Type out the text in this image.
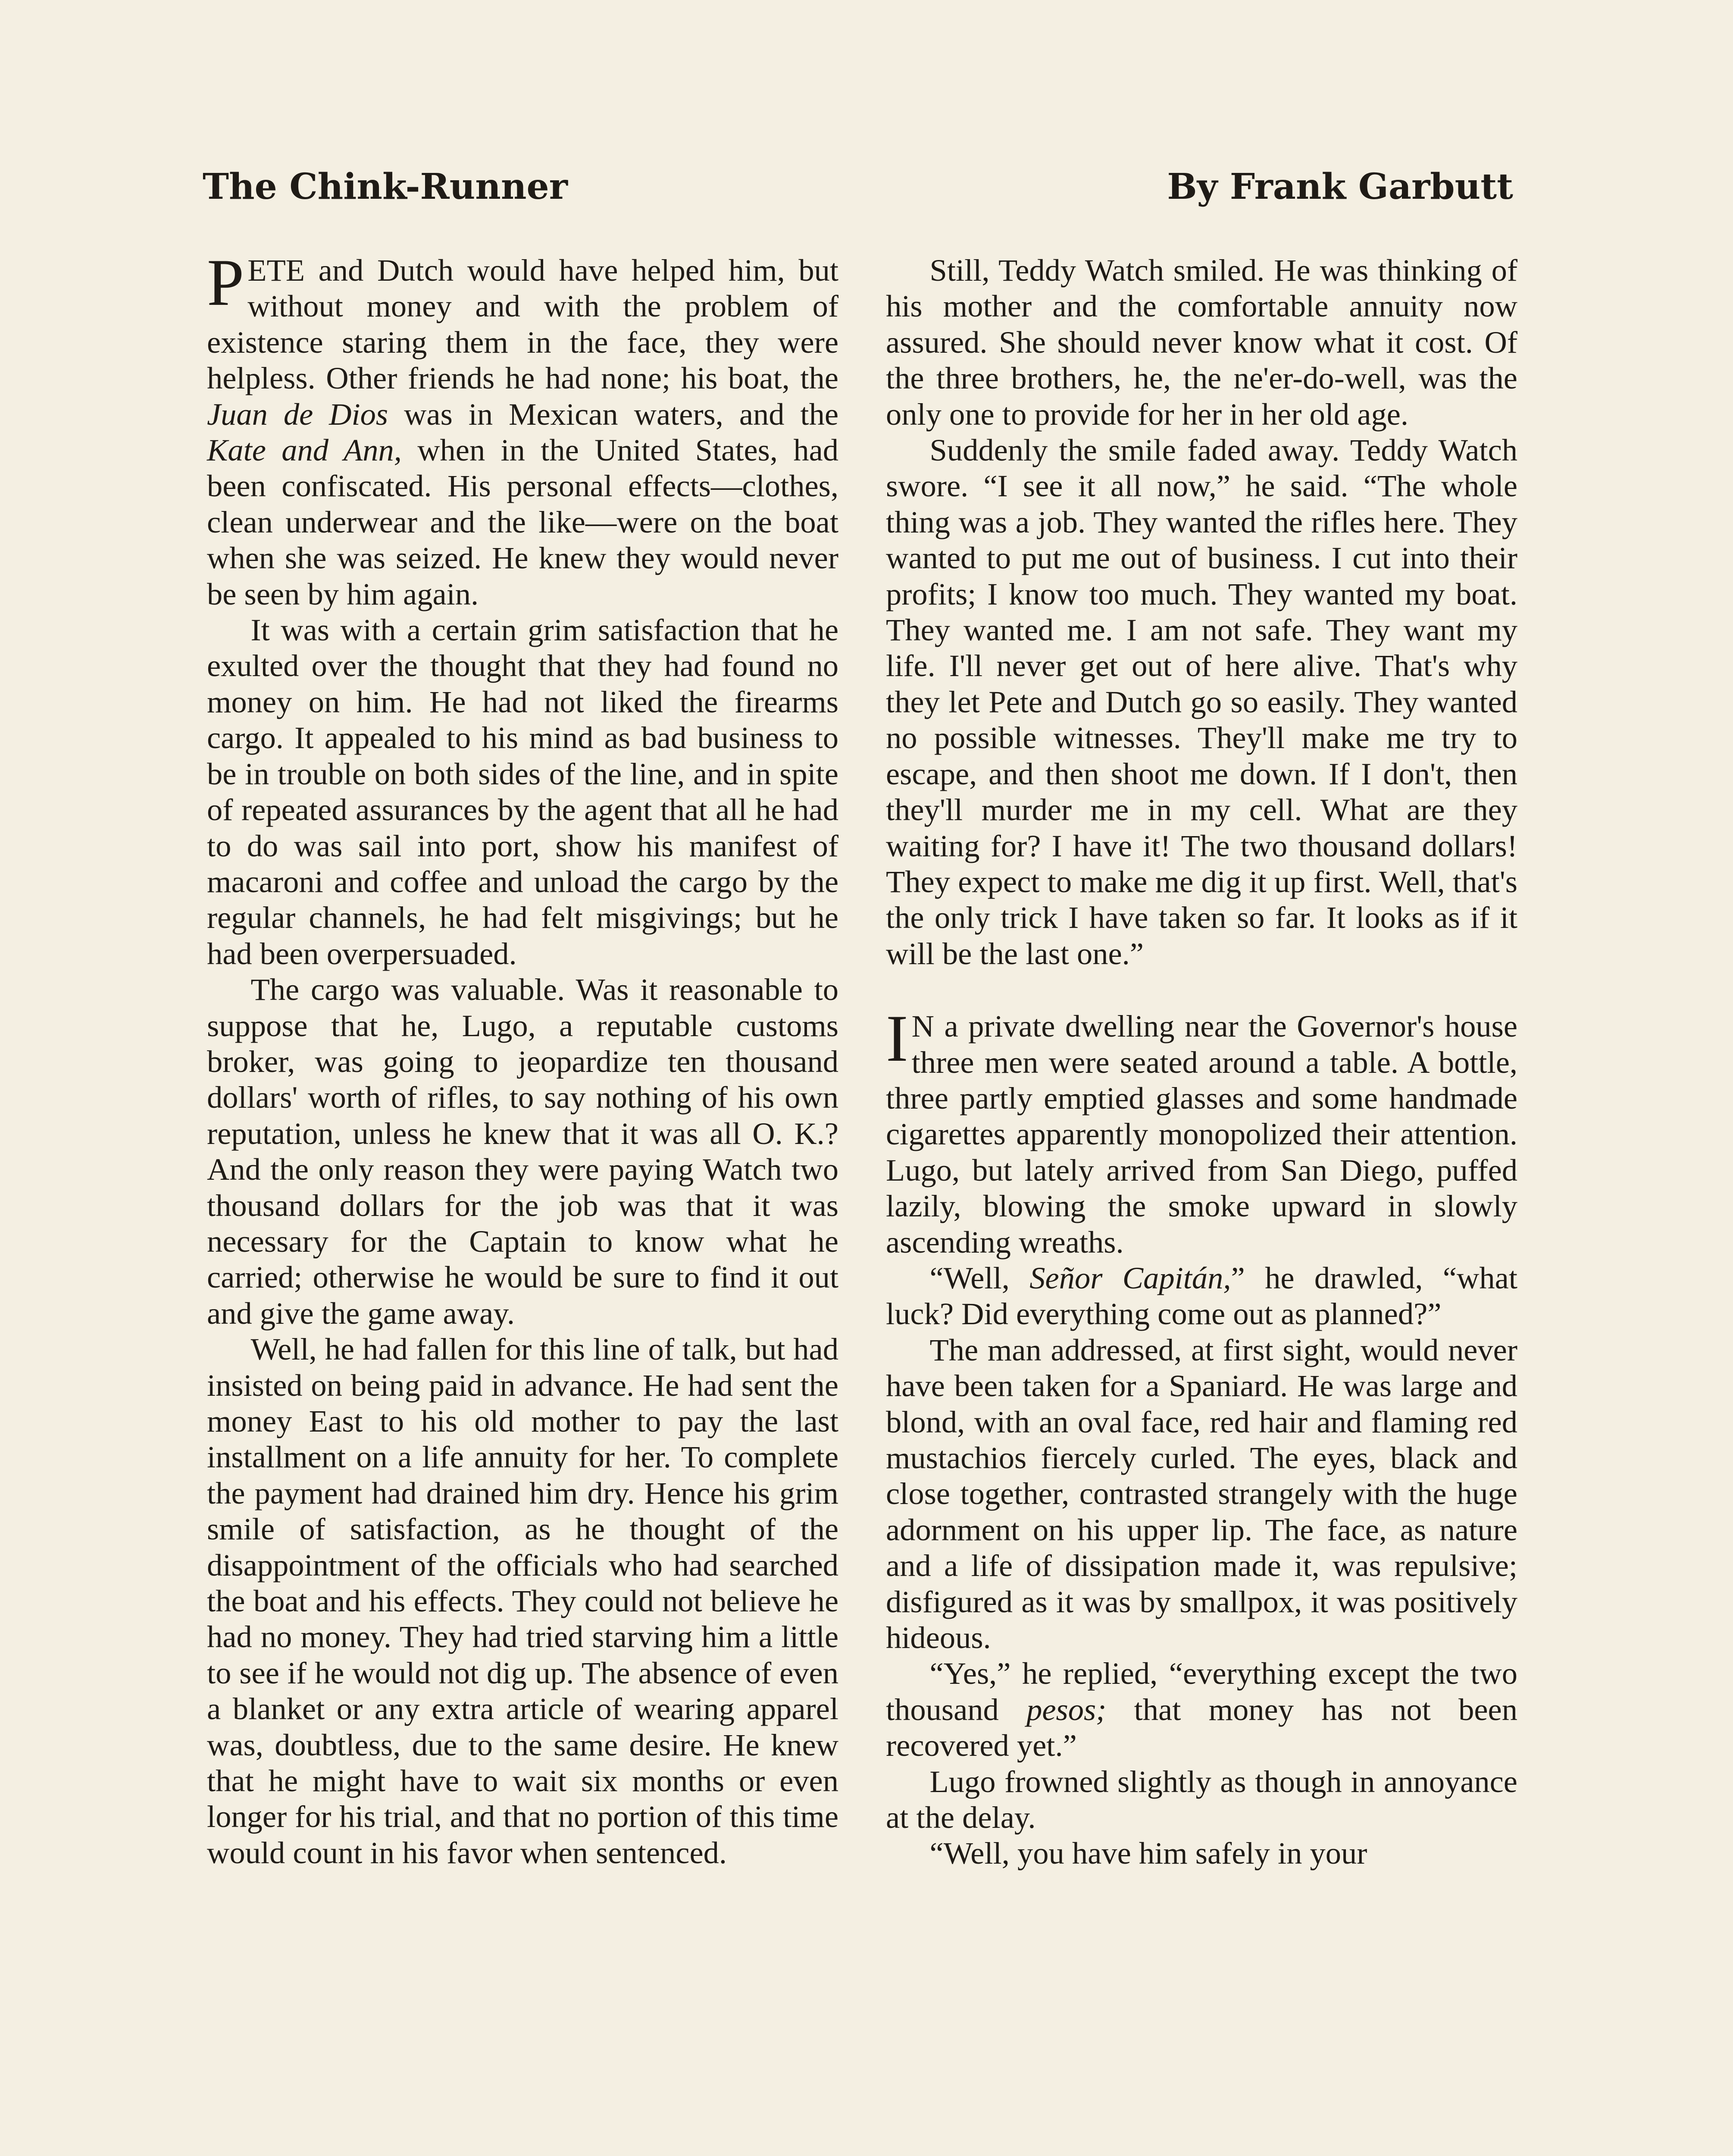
The Chink-Runner	By Frank Garbutt

PETE and Dutch would have helped him, but without money and with the problem of existence staring them in the face, they were helpless. Other friends he had none; his boat, the Juan de Dios was in Mexican waters, and the Kate and Ann, when in the United States, had been confiscated. His personal effects—clothes, clean underwear and the like—were on the boat when she was seized. He knew they would never be seen by him again.

It was with a certain grim satisfaction that he exulted over the thought that they had found no money on him. He had not liked the firearms cargo. It appealed to his mind as bad business to be in trouble on both sides of the line, and in spite of repeated assurances by the agent that all he had to do was sail into port, show his manifest of macaroni and coffee and unload the cargo by the regular channels, he had felt misgivings; but he had been overpersuaded.

The cargo was valuable. Was it reasonable to suppose that he, Lugo, a reputable customs broker, was going to jeopardize ten thousand dollars' worth of rifles, to say nothing of his own reputation, unless he knew that it was all O. K.? And the only reason they were paying Watch two thousand dollars for the job was that it was necessary for the Captain to know what he carried; otherwise he would be sure to find it out and give the game away.

Well, he had fallen for this line of talk, but had insisted on being paid in advance. He had sent the money East to his old mother to pay the last installment on a life annuity for her. To complete the payment had drained him dry. Hence his grim smile of satisfaction, as he thought of the disappointment of the officials who had searched the boat and his effects. They could not believe he had no money. They had tried starving him a little to see if he would not dig up. The absence of even a blanket or any extra article of wearing apparel was, doubtless, due to the same desire. He knew that he might have to wait six months or even longer for his trial, and that no portion of this time would count in his favor when sentenced.

Still, Teddy Watch smiled. He was thinking of his mother and the comfortable annuity now assured. She should never know what it cost. Of the three brothers, he, the ne'er-do-well, was the only one to provide for her in her old age.

Suddenly the smile faded away. Teddy Watch swore. “I see it all now,” he said. “The whole thing was a job. They wanted the rifles here. They wanted to put me out of business. I cut into their profits; I know too much. They wanted my boat. They wanted me. I am not safe. They want my life. I'll never get out of here alive. That's why they let Pete and Dutch go so easily. They wanted no possible witnesses. They'll make me try to escape, and then shoot me down. If I don't, then they'll murder me in my cell. What are they waiting for? I have it! The two thousand dollars! They expect to make me dig it up first. Well, that's the only trick I have taken so far. It looks as if it will be the last one.”

I N a private dwelling near the Governor's house three men were seated around a table. A bottle, three partly emptied glasses and some handmade cigarettes apparently monopolized their attention. Lugo, but lately arrived from San Diego, puffed lazily, blowing the smoke upward in slowly ascending wreaths.

“Well, Señor Capitán,” he drawled, “what luck? Did everything come out as planned?”

The man addressed, at first sight, would never have been taken for a Spaniard. He was large and blond, with an oval face, red hair and flaming red mustachios fiercely curled. The eyes, black and close together, contrasted strangely with the huge adornment on his upper lip. The face, as nature and a life of dissipation made it, was repulsive; disfigured as it was by smallpox, it was positively hideous.

“Yes,” he replied, “everything except the two thousand pesos; that money has not been recovered yet.”

Lugo frowned slightly as though in annoyance at the delay.

“Well, you have him safely in your
